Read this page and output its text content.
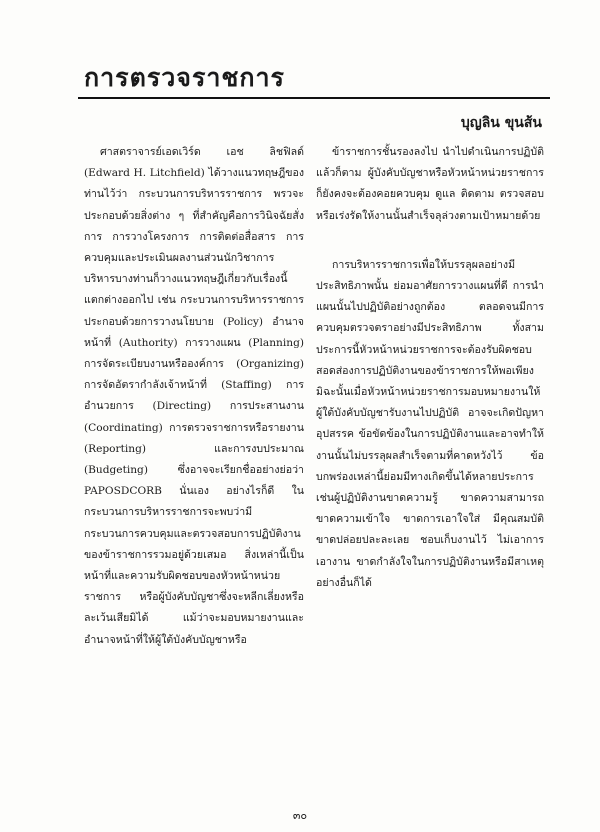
การตรวจราชการ
บุญลิน ขุนส้น

ศาสตราจารย์เอดเวิร์ด เอช ลิชฟิลด์ (Edward H. Litchfield) ได้วางแนวทฤษฎีของท่านไว้ว่า กระบวนการบริหารราชการ พรวจะประกอบด้วยสิ่งต่าง ๆ ที่สำคัญคือการวินิจฉัยสั่งการ การวางโครงการ การติดต่อสื่อสาร การควบคุมและประเมินผลงานส่วนนักวิชาการบริหารบางท่านก็วางแนวทฤษฎีเกี่ยวกับเรื่องนี้แตกต่างออกไป เช่น กระบวนการบริหารราชการประกอบด้วยการวางนโยบาย (Policy) อำนาจหน้าที่ (Authority) การวางแผน (Planning) การจัดระเบียบงานหรือองค์การ (Organizing) การจัดอัตรากำลังเจ้าหน้าที่ (Staffing) การอำนวยการ (Directing) การประสานงาน (Coordinating) การตรวจราชการหรือรายงาน (Reporting) และการงบประมาณ (Budgeting) ซึ่งอาจจะเรียกชื่ออย่างย่อว่า PAPOSDCORB นั่นเอง อย่างไรก็ดี ในกระบวนการบริหารราชการจะพบว่ามีกระบวนการควบคุมและตรวจสอบการปฏิบัติงานของข้าราชการรวมอยู่ด้วยเสมอ สิ่งเหล่านี้เป็นหน้าที่และความรับผิดชอบของหัวหน้าหน่วยราชการ หรือผู้บังคับบัญชาซึ่งจะหลีกเลี่ยงหรือละเว้นเสียมิได้ แม้ว่าจะมอบหมายงานและอำนาจหน้าที่ให้ผู้ใต้บังคับบัญชาหรือ

ข้าราชการชั้นรองลงไป นำไปดำเนินการปฏิบัติแล้วก็ตาม ผู้บังคับบัญชาหรือหัวหน้าหน่วยราชการก็ยังคงจะต้องคอยควบคุม ดูแล ติดตาม ตรวจสอบหรือเร่งรัดให้งานนั้นสำเร็จลุล่วงตามเป้าหมายด้วย

การบริหารราชการเพื่อให้บรรลุผลอย่างมีประสิทธิภาพนั้น ย่อมอาศัยการวางแผนที่ดี การนำแผนนั้นไปปฏิบัติอย่างถูกต้อง ตลอดจนมีการควบคุมตรวจตราอย่างมีประสิทธิภาพ ทั้งสามประการนี้หัวหน้าหน่วยราชการจะต้องรับผิดชอบสอดส่องการปฏิบัติงานของข้าราชการให้พอเพียง มิฉะนั้นเมื่อหัวหน้าหน่วยราชการมอบหมายงานให้ผู้ใต้บังคับบัญชารับงานไปปฏิบัติ อาจจะเกิดปัญหา อุปสรรค ข้อขัดข้องในการปฏิบัติงานและอาจทำให้งานนั้นไม่บรรลุผลสำเร็จตามที่คาดหวังไว้ ข้อบกพร่องเหล่านี้ย่อมมีทางเกิดขึ้นได้หลายประการ เช่นผู้ปฏิบัติงานขาดความรู้ ขาดความสามารถ ขาดความเข้าใจ ขาดการเอาใจใส่ มีคุณสมบัติขาดปล่อยปละละเลย ชอบเก็บงานไว้ ไม่เอาการเอางาน ขาดกำลังใจในการปฏิบัติงานหรือมีสาเหตุอย่างอื่นก็ได้

๓๐
